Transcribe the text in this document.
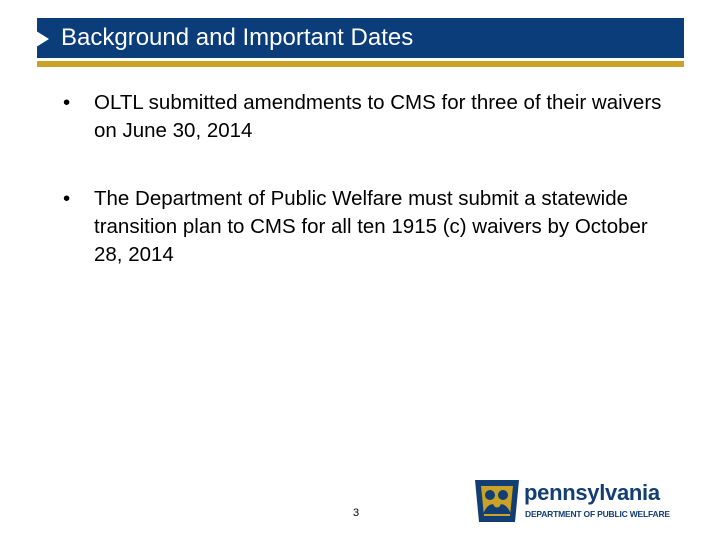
Background and Important Dates
• OLTL submitted amendments to CMS for three of their waivers on June 30, 2014
• The Department of Public Welfare must submit a statewide transition plan to CMS for all ten 1915 (c) waivers by October 28, 2014
3
pennsylvania
DEPARTMENT OF PUBLIC WELFARE
